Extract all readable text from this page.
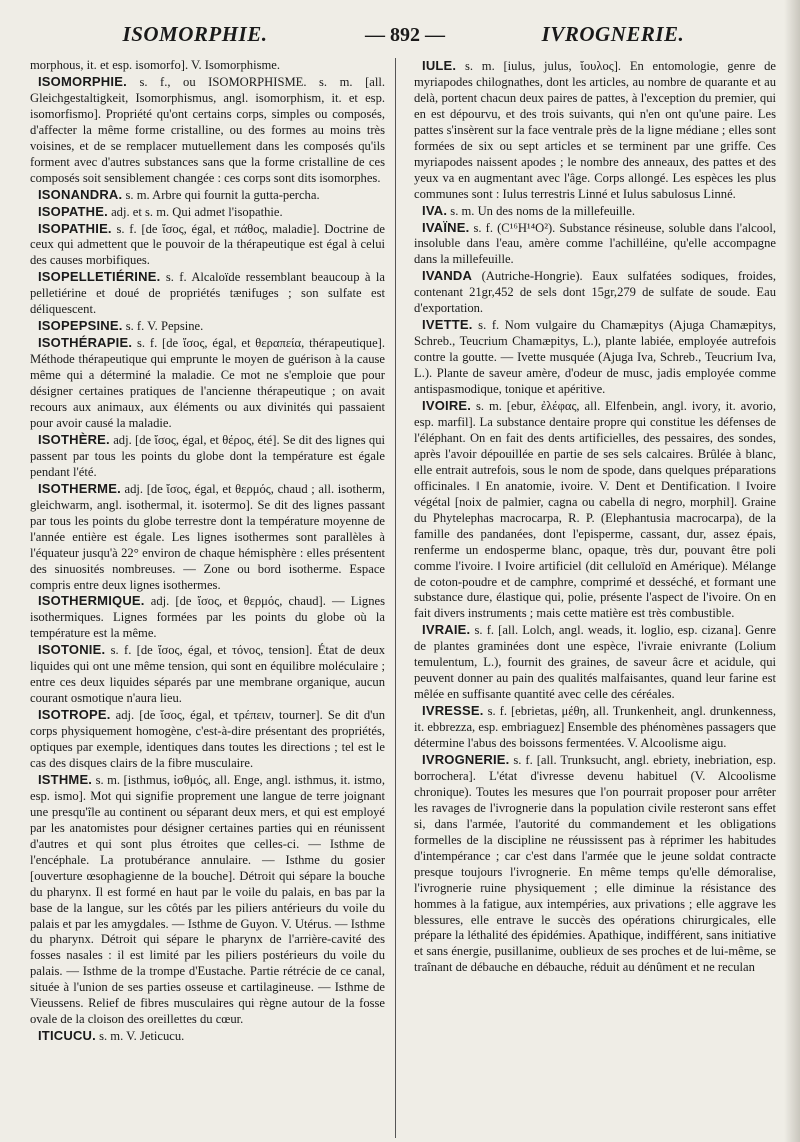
ISOMORPHIE.	— 892 —	IVROGNERIE.

morphous, it. et esp. isomorfo]. V. Isomorphisme.

ISOMORPHIE. s. f., ou ISOMORPHISME. s. m. [all. Gleichgestaltigkeit, Isomorphismus, angl. isomorphism, it. et esp. isomorfismo]. Propriété qu'ont certains corps, simples ou composés, d'affecter la même forme cristalline, ou des formes au moins très voisines, et de se remplacer mutuellement dans les composés qu'ils forment avec d'autres substances sans que la forme cristalline de ces composés soit sensiblement changée : ces corps sont dits isomorphes.

ISONANDRA. s. m. Arbre qui fournit la gutta-percha.

ISOPATHE. adj. et s. m. Qui admet l'isopathie.

ISOPATHIE. s. f. [de ἴσος, égal, et πάθος, maladie]. Doctrine de ceux qui admettent que le pouvoir de la thérapeutique est égal à celui des causes morbifiques.

ISOPELLETIÉRINE. s. f. Alcaloïde ressemblant beaucoup à la pelletiérine et doué de propriétés tænifuges ; son sulfate est déliquescent.

ISOPEPSINE. s. f. V. Pepsine.

ISOTHÉRAPIE. s. f. [de ἴσος, égal, et θεραπεία, thérapeutique]. Méthode thérapeutique qui emprunte le moyen de guérison à la cause même qui a déterminé la maladie. Ce mot ne s'emploie que pour désigner certaines pratiques de l'ancienne thérapeutique ; on avait recours aux animaux, aux éléments ou aux divinités qui passaient pour avoir causé la maladie.

ISOTHÈRE. adj. [de ἴσος, égal, et θέρος, été]. Se dit des lignes qui passent par tous les points du globe dont la température est égale pendant l'été.

ISOTHERME. adj. [de ἴσος, égal, et θερμός, chaud ; all. isotherm, gleichwarm, angl. isothermal, it. isotermo]. Se dit des lignes passant par tous les points du globe terrestre dont la température moyenne de l'année entière est égale. Les lignes isothermes sont parallèles à l'équateur jusqu'à 22° environ de chaque hémisphère : elles présentent des sinuosités nombreuses. — Zone ou bord isotherme. Espace compris entre deux lignes isothermes.

ISOTHERMIQUE. adj. [de ἴσος, et θερμός, chaud]. — Lignes isothermiques. Lignes formées par les points du globe où la température est la même.

ISOTONIE. s. f. [de ἴσος, égal, et τόνος, tension]. État de deux liquides qui ont une même tension, qui sont en équilibre moléculaire ; entre ces deux liquides séparés par une membrane organique, aucun courant osmotique n'aura lieu.

ISOTROPE. adj. [de ἴσος, égal, et τρέπειν, tourner]. Se dit d'un corps physiquement homogène, c'est-à-dire présentant des propriétés, optiques par exemple, identiques dans toutes les directions ; tel est le cas des disques clairs de la fibre musculaire.

ISTHME. s. m. [isthmus, ἰσθμός, all. Enge, angl. isthmus, it. istmo, esp. ismo]. Mot qui signifie proprement une langue de terre joignant une presqu'île au continent ou séparant deux mers, et qui est employé par les anatomistes pour désigner certaines parties qui en réunissent d'autres et qui sont plus étroites que celles-ci. — Isthme de l'encéphale. La protubérance annulaire. — Isthme du gosier [ouverture œsophagienne de la bouche]. Détroit qui sépare la bouche du pharynx. Il est formé en haut par le voile du palais, en bas par la base de la langue, sur les côtés par les piliers antérieurs du voile du palais et par les amygdales. — Isthme de Guyon. V. Utérus. — Isthme du pharynx. Détroit qui sépare le pharynx de l'arrière-cavité des fosses nasales : il est limité par les piliers postérieurs du voile du palais. — Isthme de la trompe d'Eustache. Partie rétrécie de ce canal, située à l'union de ses parties osseuse et cartilagineuse. — Isthme de Vieussens. Relief de fibres musculaires qui règne autour de la fosse ovale de la cloison des oreillettes du cœur.

ITICUCU. s. m. V. Jeticucu.

IULE. s. m. [iulus, julus, ἴουλος]. En entomologie, genre de myriapodes chilognathes, dont les articles, au nombre de quarante et au delà, portent chacun deux paires de pattes, à l'exception du premier, qui en est dépourvu, et des trois suivants, qui n'en ont qu'une paire. Les pattes s'insèrent sur la face ventrale près de la ligne médiane ; elles sont formées de six ou sept articles et se terminent par une griffe. Ces myriapodes naissent apodes ; le nombre des anneaux, des pattes et des yeux va en augmentant avec l'âge. Corps allongé. Les espèces les plus communes sont : Iulus terrestris Linné et Iulus sabulosus Linné.

IVA. s. m. Un des noms de la millefeuille.

IVAÏNE. s. f. (C¹⁶H¹⁴O²). Substance résineuse, soluble dans l'alcool, insoluble dans l'eau, amère comme l'achilléine, qu'elle accompagne dans la millefeuille.

IVANDA (Autriche-Hongrie). Eaux sulfatées sodiques, froides, contenant 21gr,452 de sels dont 15gr,279 de sulfate de soude. Eau d'exportation.

IVETTE. s. f. Nom vulgaire du Chamæpitys (Ajuga Chamæpitys, Schreb., Teucrium Chamæpitys, L.), plante labiée, employée autrefois contre la goutte. — Ivette musquée (Ajuga Iva, Schreb., Teucrium Iva, L.). Plante de saveur amère, d'odeur de musc, jadis employée comme antispasmodique, tonique et apéritive.

IVOIRE. s. m. [ebur, ἐλέφας, all. Elfenbein, angl. ivory, it. avorio, esp. marfil]. La substance dentaire propre qui constitue les défenses de l'éléphant. On en fait des dents artificielles, des pessaires, des sondes, après l'avoir dépouillée en partie de ses sels calcaires. Brûlée à blanc, elle entrait autrefois, sous le nom de spode, dans quelques préparations officinales. ‖ En anatomie, ivoire. V. Dent et Dentification. ‖ Ivoire végétal [noix de palmier, cagna ou cabella di negro, morphil]. Graine du Phytelephas macrocarpa, R. P. (Elephantusia macrocarpa), de la famille des pandanées, dont l'episperme, cassant, dur, assez épais, renferme un endosperme blanc, opaque, très dur, pouvant être poli comme l'ivoire. ‖ Ivoire artificiel (dit celluloïd en Amérique). Mélange de coton-poudre et de camphre, comprimé et desséché, et formant une substance dure, élastique qui, polie, présente l'aspect de l'ivoire. On en fait divers instruments ; mais cette matière est très combustible.

IVRAIE. s. f. [all. Lolch, angl. weads, it. loglio, esp. cizana]. Genre de plantes graminées dont une espèce, l'ivraie enivrante (Lolium temulentum, L.), fournit des graines, de saveur âcre et acidule, qui peuvent donner au pain des qualités malfaisantes, quand leur farine est mêlée en suffisante quantité avec celle des céréales.

IVRESSE. s. f. [ebrietas, μέθη, all. Trunkenheit, angl. drunkenness, it. ebbrezza, esp. embriaguez] Ensemble des phénomènes passagers que détermine l'abus des boissons fermentées. V. Alcoolisme aigu.

IVROGNERIE. s. f. [all. Trunksucht, angl. ebriety, inebriation, esp. borrochera]. L'état d'ivresse devenu habituel (V. Alcoolisme chronique). Toutes les mesures que l'on pourrait proposer pour arrêter les ravages de l'ivrognerie dans la population civile resteront sans effet si, dans l'armée, l'autorité du commandement et les obligations formelles de la discipline ne réussissent pas à réprimer les habitudes d'intempérance ; car c'est dans l'armée que le jeune soldat contracte presque toujours l'ivrognerie. En même temps qu'elle démoralise, l'ivrognerie ruine physiquement ; elle diminue la résistance des hommes à la fatigue, aux intempéries, aux privations ; elle aggrave les blessures, elle entrave le succès des opérations chirurgicales, elle prépare la léthalité des épidémies. Apathique, indifférent, sans initiative et sans énergie, pusillanime, oublieux de ses proches et de lui-même, se traînant de débauche en débauche, réduit au dénûment et ne reculan
